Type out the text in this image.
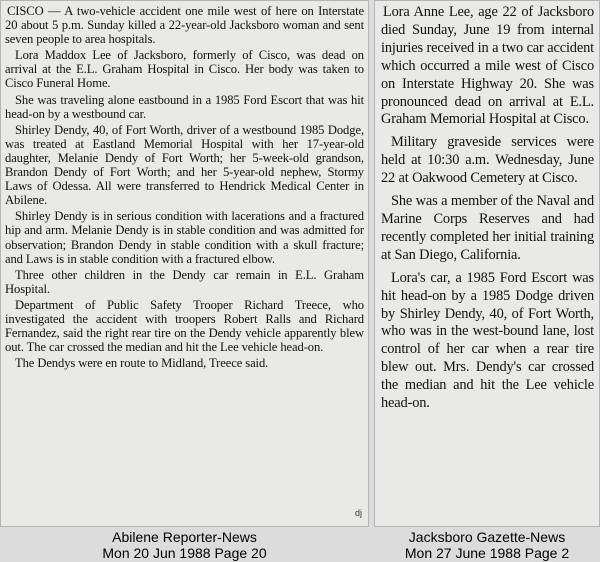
CISCO — A two-vehicle accident one mile west of here on Interstate 20 about 5 p.m. Sunday killed a 22-year-old Jacksboro woman and sent seven people to area hospitals.

Lora Maddox Lee of Jacksboro, formerly of Cisco, was dead on arrival at the E.L. Graham Hospital in Cisco. Her body was taken to Cisco Funeral Home.

She was traveling alone eastbound in a 1985 Ford Escort that was hit head-on by a westbound car.

Shirley Dendy, 40, of Fort Worth, driver of a westbound 1985 Dodge, was treated at Eastland Memorial Hospital with her 17-year-old daughter, Melanie Dendy of Fort Worth; her 5-week-old grandson, Brandon Dendy of Fort Worth; and her 5-year-old nephew, Stormy Laws of Odessa. All were transferred to Hendrick Medical Center in Abilene.

Shirley Dendy is in serious condition with lacerations and a fractured hip and arm. Melanie Dendy is in stable condition and was admitted for observation; Brandon Dendy in stable condition with a skull fracture; and Laws is in stable condition with a fractured elbow.

Three other children in the Dendy car remain in E.L. Graham Hospital.

Department of Public Safety Trooper Richard Treece, who investigated the accident with troopers Robert Ralls and Richard Fernandez, said the right rear tire on the Dendy vehicle apparently blew out. The car crossed the median and hit the Lee vehicle head-on.

The Dendys were en route to Midland, Treece said.

dj

Lora Anne Lee, age 22 of Jacksboro died Sunday, June 19 from internal injuries received in a two car accident which occurred a mile west of Cisco on Interstate Highway 20. She was pronounced dead on arrival at E.L. Graham Memorial Hospital at Cisco.

Military graveside services were held at 10:30 a.m. Wednesday, June 22 at Oakwood Cemetery at Cisco.

She was a member of the Naval and Marine Corps Reserves and had recently completed her initial training at San Diego, California.

Lora's car, a 1985 Ford Escort was hit head-on by a 1985 Dodge driven by Shirley Dendy, 40, of Fort Worth, who was in the west-bound lane, lost control of her car when a rear tire blew out. Mrs. Dendy's car crossed the median and hit the Lee vehicle head-on.

Abilene Reporter-News
Mon 20 Jun 1988 Page 20
Jacksboro Gazette-News
Mon 27 June 1988 Page 2
